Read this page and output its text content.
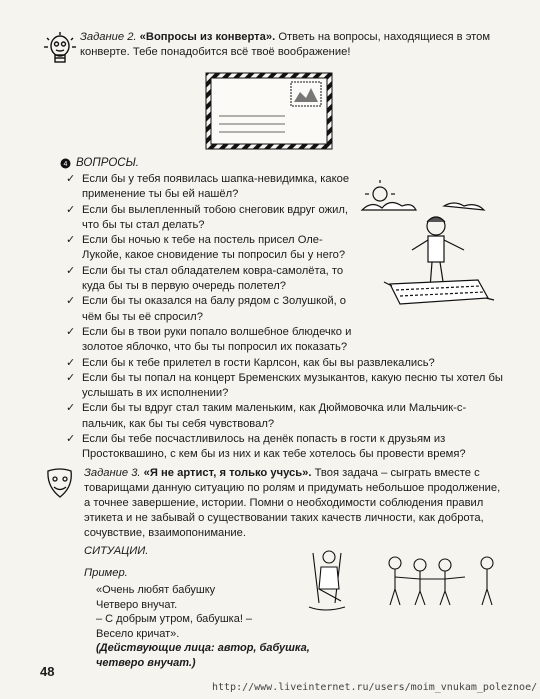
Задание 2. «Вопросы из конверта». Ответь на вопросы, находящиеся в этом конверте. Тебе понадобится всё твоё воображение!
4 ВОПРОСЫ.
✓ Если бы у тебя появилась шапка-невидимка, какое применение ты бы ей нашёл?
✓ Если бы вылепленный тобою снеговик вдруг ожил, что бы ты стал делать?
✓ Если бы ночью к тебе на постель присел Оле-Лукойе, какое сновидение ты попросил бы у него?
✓ Если бы ты стал обладателем ковра-самолёта, то куда бы ты в первую очередь полетел?
✓ Если бы ты оказался на балу рядом с Золушкой, о чём бы ты её спросил?
✓ Если бы в твои руки попало волшебное блюдечко и золотое яблочко, что бы ты попросил их показать?
✓ Если бы к тебе прилетел в гости Карлсон, как бы вы развлекались?
✓ Если бы ты попал на концерт Бременских музыкантов, какую песню ты хотел бы услышать в их исполнении?
✓ Если бы ты вдруг стал таким маленьким, как Дюймовочка или Мальчик-с-пальчик, как бы ты себя чувствовал?
✓ Если бы тебе посчастливилось на денёк попасть в гости к друзьям из Простоквашино, с кем бы из них и как тебе хотелось бы провести время?
Задание 3. «Я не артист, я только учусь». Твоя задача – сыграть вместе с товарищами данную ситуацию по ролям и придумать небольшое продолжение, а точнее завершение, истории. Помни о необходимости соблюдения правил этикета и не забывай о существовании таких качеств личности, как доброта, сочувствие, взаимопонимание.
СИТУАЦИИ.
Пример.
«Очень любят бабушку
Четверо внучат.
– С добрым утром, бабушка! –
Весело кричат».
(Действующие лица: автор, бабушка, четверо внучат.)
48
http://www.liveinternet.ru/users/moim_vnukam_poleznoe/
